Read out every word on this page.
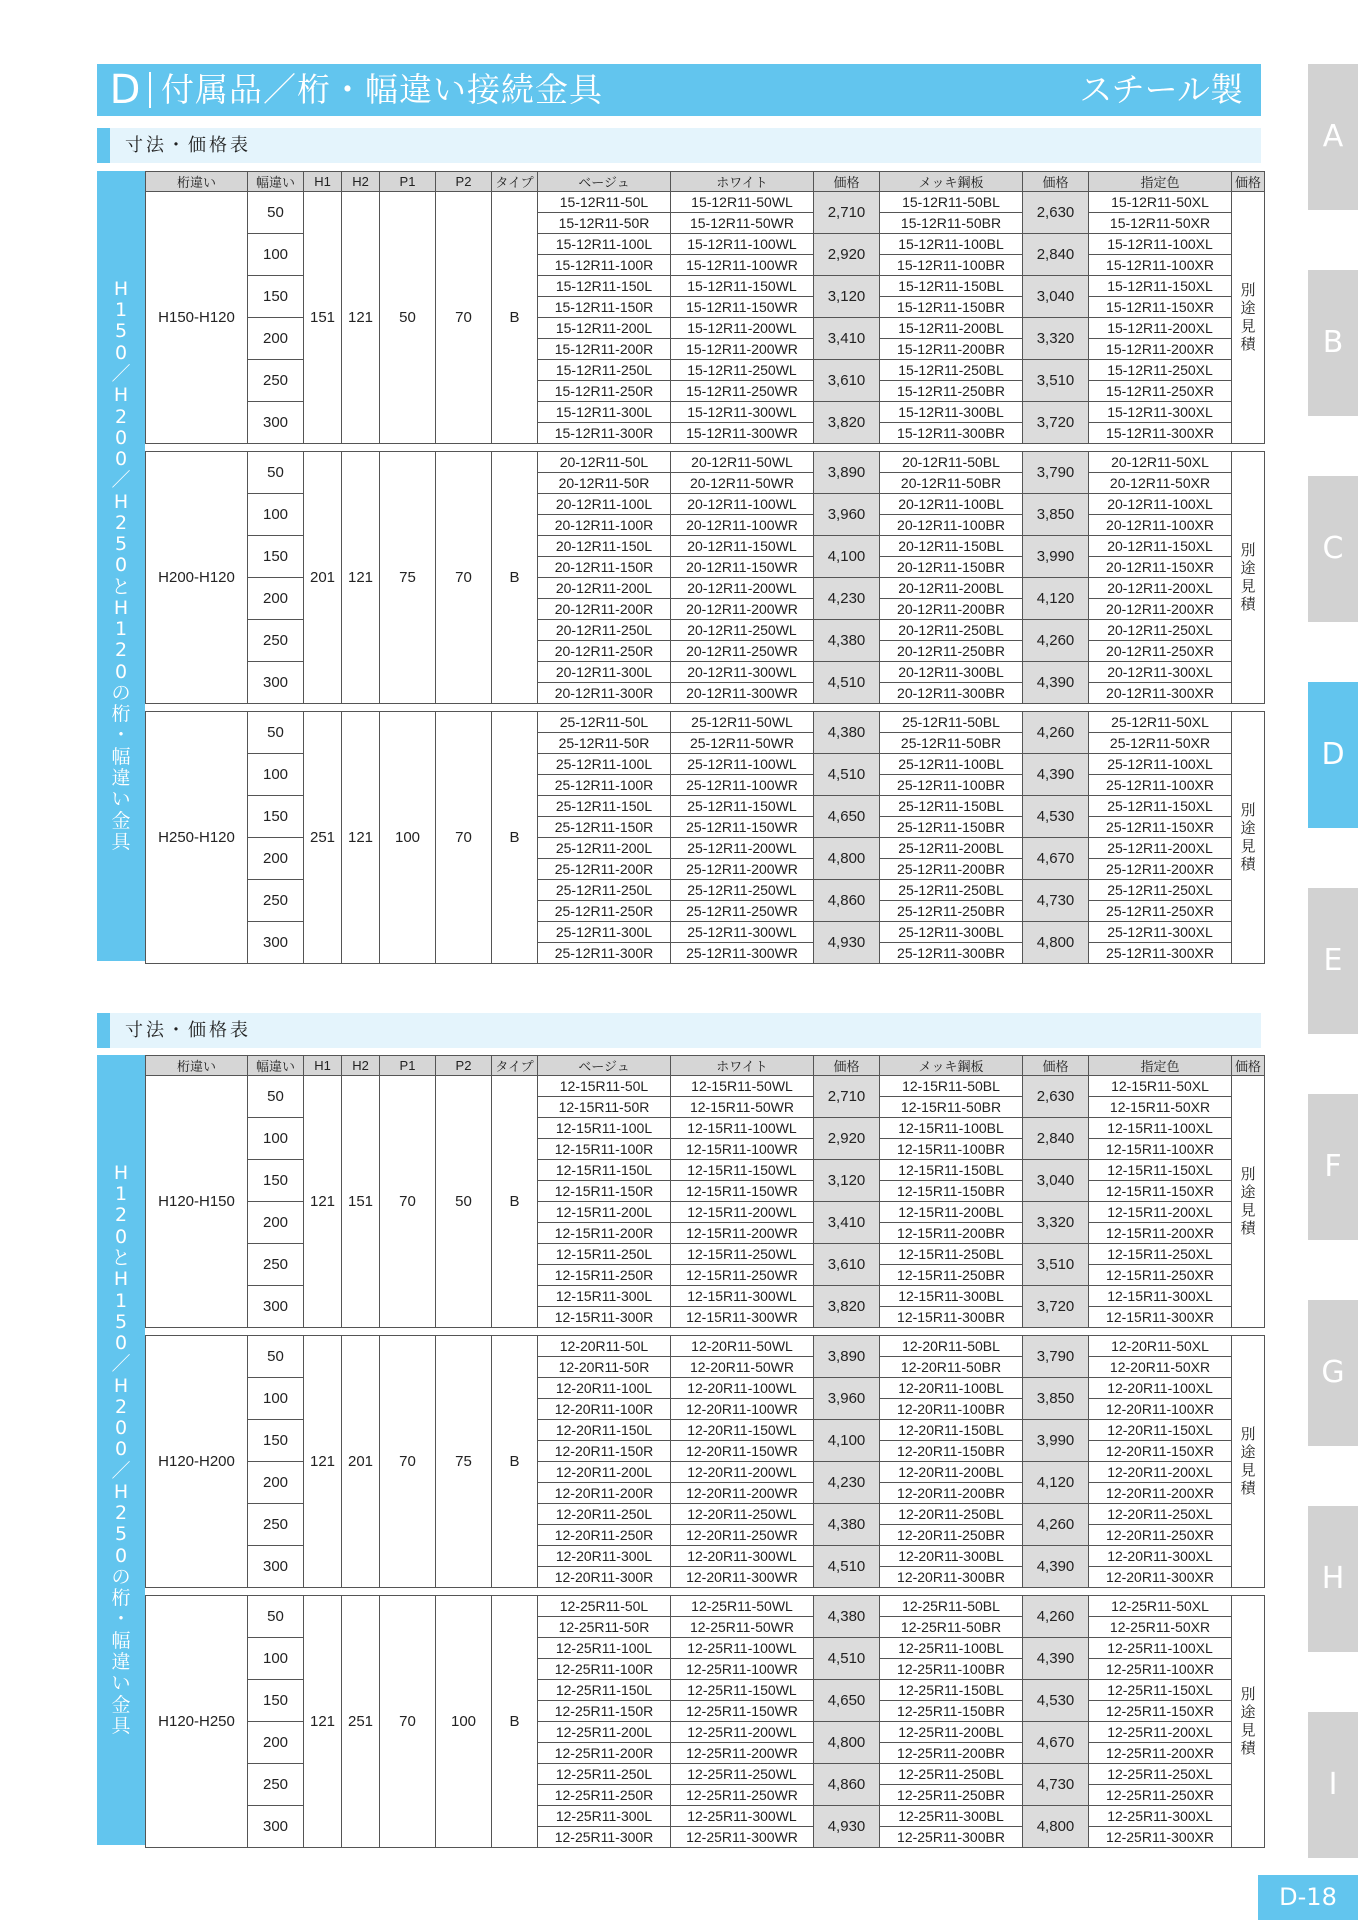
D 付属品／桁・幅違い接続金具	スチール製
A
B
C
D
E
F
G
H
I
寸法・価格表
H
1
5
0
／
H
2
0
0
／
H
2
5
0
と
H
1
2
0
の
桁
・
幅
違
い
金
具
桁違い	幅違い	H1	H2	P1	P2	タイプ	ベージュ	ホワイト	価格	メッキ鋼板	価格	指定色	価格
H150-H120	50	151	121	50	70	B	15-12R11-50L	15-12R11-50WL	2,710	15-12R11-50BL	2,630	15-12R11-50XL	別
途
見
積
							15-12R11-50R	15-12R11-50WR		15-12R11-50BR		15-12R11-50XR	
	100						15-12R11-100L	15-12R11-100WL	2,920	15-12R11-100BL	2,840	15-12R11-100XL	
							15-12R11-100R	15-12R11-100WR		15-12R11-100BR		15-12R11-100XR	
	150						15-12R11-150L	15-12R11-150WL	3,120	15-12R11-150BL	3,040	15-12R11-150XL	
							15-12R11-150R	15-12R11-150WR		15-12R11-150BR		15-12R11-150XR	
	200						15-12R11-200L	15-12R11-200WL	3,410	15-12R11-200BL	3,320	15-12R11-200XL	
							15-12R11-200R	15-12R11-200WR		15-12R11-200BR		15-12R11-200XR	
	250						15-12R11-250L	15-12R11-250WL	3,610	15-12R11-250BL	3,510	15-12R11-250XL	
							15-12R11-250R	15-12R11-250WR		15-12R11-250BR		15-12R11-250XR	
	300						15-12R11-300L	15-12R11-300WL	3,820	15-12R11-300BL	3,720	15-12R11-300XL	
							15-12R11-300R	15-12R11-300WR		15-12R11-300BR		15-12R11-300XR	

H200-H120	50	201	121	75	70	B	20-12R11-50L	20-12R11-50WL	3,890	20-12R11-50BL	3,790	20-12R11-50XL	別
途
見
積
							20-12R11-50R	20-12R11-50WR		20-12R11-50BR		20-12R11-50XR	
	100						20-12R11-100L	20-12R11-100WL	3,960	20-12R11-100BL	3,850	20-12R11-100XL	
							20-12R11-100R	20-12R11-100WR		20-12R11-100BR		20-12R11-100XR	
	150						20-12R11-150L	20-12R11-150WL	4,100	20-12R11-150BL	3,990	20-12R11-150XL	
							20-12R11-150R	20-12R11-150WR		20-12R11-150BR		20-12R11-150XR	
	200						20-12R11-200L	20-12R11-200WL	4,230	20-12R11-200BL	4,120	20-12R11-200XL	
							20-12R11-200R	20-12R11-200WR		20-12R11-200BR		20-12R11-200XR	
	250						20-12R11-250L	20-12R11-250WL	4,380	20-12R11-250BL	4,260	20-12R11-250XL	
							20-12R11-250R	20-12R11-250WR		20-12R11-250BR		20-12R11-250XR	
	300						20-12R11-300L	20-12R11-300WL	4,510	20-12R11-300BL	4,390	20-12R11-300XL	
							20-12R11-300R	20-12R11-300WR		20-12R11-300BR		20-12R11-300XR	

H250-H120	50	251	121	100	70	B	25-12R11-50L	25-12R11-50WL	4,380	25-12R11-50BL	4,260	25-12R11-50XL	別
途
見
積
							25-12R11-50R	25-12R11-50WR		25-12R11-50BR		25-12R11-50XR	
	100						25-12R11-100L	25-12R11-100WL	4,510	25-12R11-100BL	4,390	25-12R11-100XL	
							25-12R11-100R	25-12R11-100WR		25-12R11-100BR		25-12R11-100XR	
	150						25-12R11-150L	25-12R11-150WL	4,650	25-12R11-150BL	4,530	25-12R11-150XL	
							25-12R11-150R	25-12R11-150WR		25-12R11-150BR		25-12R11-150XR	
	200						25-12R11-200L	25-12R11-200WL	4,800	25-12R11-200BL	4,670	25-12R11-200XL	
							25-12R11-200R	25-12R11-200WR		25-12R11-200BR		25-12R11-200XR	
	250						25-12R11-250L	25-12R11-250WL	4,860	25-12R11-250BL	4,730	25-12R11-250XL	
							25-12R11-250R	25-12R11-250WR		25-12R11-250BR		25-12R11-250XR	
	300						25-12R11-300L	25-12R11-300WL	4,930	25-12R11-300BL	4,800	25-12R11-300XL	
							25-12R11-300R	25-12R11-300WR		25-12R11-300BR		25-12R11-300XR	
寸法・価格表
H
1
2
0
と
H
1
5
0
／
H
2
0
0
／
H
2
5
0
の
桁
・
幅
違
い
金
具
桁違い	幅違い	H1	H2	P1	P2	タイプ	ベージュ	ホワイト	価格	メッキ鋼板	価格	指定色	価格
H120-H150	50	121	151	70	50	B	12-15R11-50L	12-15R11-50WL	2,710	12-15R11-50BL	2,630	12-15R11-50XL	別
途
見
積
							12-15R11-50R	12-15R11-50WR		12-15R11-50BR		12-15R11-50XR	
	100						12-15R11-100L	12-15R11-100WL	2,920	12-15R11-100BL	2,840	12-15R11-100XL	
							12-15R11-100R	12-15R11-100WR		12-15R11-100BR		12-15R11-100XR	
	150						12-15R11-150L	12-15R11-150WL	3,120	12-15R11-150BL	3,040	12-15R11-150XL	
							12-15R11-150R	12-15R11-150WR		12-15R11-150BR		12-15R11-150XR	
	200						12-15R11-200L	12-15R11-200WL	3,410	12-15R11-200BL	3,320	12-15R11-200XL	
							12-15R11-200R	12-15R11-200WR		12-15R11-200BR		12-15R11-200XR	
	250						12-15R11-250L	12-15R11-250WL	3,610	12-15R11-250BL	3,510	12-15R11-250XL	
							12-15R11-250R	12-15R11-250WR		12-15R11-250BR		12-15R11-250XR	
	300						12-15R11-300L	12-15R11-300WL	3,820	12-15R11-300BL	3,720	12-15R11-300XL	
							12-15R11-300R	12-15R11-300WR		12-15R11-300BR		12-15R11-300XR	

H120-H200	50	121	201	70	75	B	12-20R11-50L	12-20R11-50WL	3,890	12-20R11-50BL	3,790	12-20R11-50XL	別
途
見
積
							12-20R11-50R	12-20R11-50WR		12-20R11-50BR		12-20R11-50XR	
	100						12-20R11-100L	12-20R11-100WL	3,960	12-20R11-100BL	3,850	12-20R11-100XL	
							12-20R11-100R	12-20R11-100WR		12-20R11-100BR		12-20R11-100XR	
	150						12-20R11-150L	12-20R11-150WL	4,100	12-20R11-150BL	3,990	12-20R11-150XL	
							12-20R11-150R	12-20R11-150WR		12-20R11-150BR		12-20R11-150XR	
	200						12-20R11-200L	12-20R11-200WL	4,230	12-20R11-200BL	4,120	12-20R11-200XL	
							12-20R11-200R	12-20R11-200WR		12-20R11-200BR		12-20R11-200XR	
	250						12-20R11-250L	12-20R11-250WL	4,380	12-20R11-250BL	4,260	12-20R11-250XL	
							12-20R11-250R	12-20R11-250WR		12-20R11-250BR		12-20R11-250XR	
	300						12-20R11-300L	12-20R11-300WL	4,510	12-20R11-300BL	4,390	12-20R11-300XL	
							12-20R11-300R	12-20R11-300WR		12-20R11-300BR		12-20R11-300XR	

H120-H250	50	121	251	70	100	B	12-25R11-50L	12-25R11-50WL	4,380	12-25R11-50BL	4,260	12-25R11-50XL	別
途
見
積
							12-25R11-50R	12-25R11-50WR		12-25R11-50BR		12-25R11-50XR	
	100						12-25R11-100L	12-25R11-100WL	4,510	12-25R11-100BL	4,390	12-25R11-100XL	
							12-25R11-100R	12-25R11-100WR		12-25R11-100BR		12-25R11-100XR	
	150						12-25R11-150L	12-25R11-150WL	4,650	12-25R11-150BL	4,530	12-25R11-150XL	
							12-25R11-150R	12-25R11-150WR		12-25R11-150BR		12-25R11-150XR	
	200						12-25R11-200L	12-25R11-200WL	4,800	12-25R11-200BL	4,670	12-25R11-200XL	
							12-25R11-200R	12-25R11-200WR		12-25R11-200BR		12-25R11-200XR	
	250						12-25R11-250L	12-25R11-250WL	4,860	12-25R11-250BL	4,730	12-25R11-250XL	
							12-25R11-250R	12-25R11-250WR		12-25R11-250BR		12-25R11-250XR	
	300						12-25R11-300L	12-25R11-300WL	4,930	12-25R11-300BL	4,800	12-25R11-300XL	
							12-25R11-300R	12-25R11-300WR		12-25R11-300BR		12-25R11-300XR	
D-18
